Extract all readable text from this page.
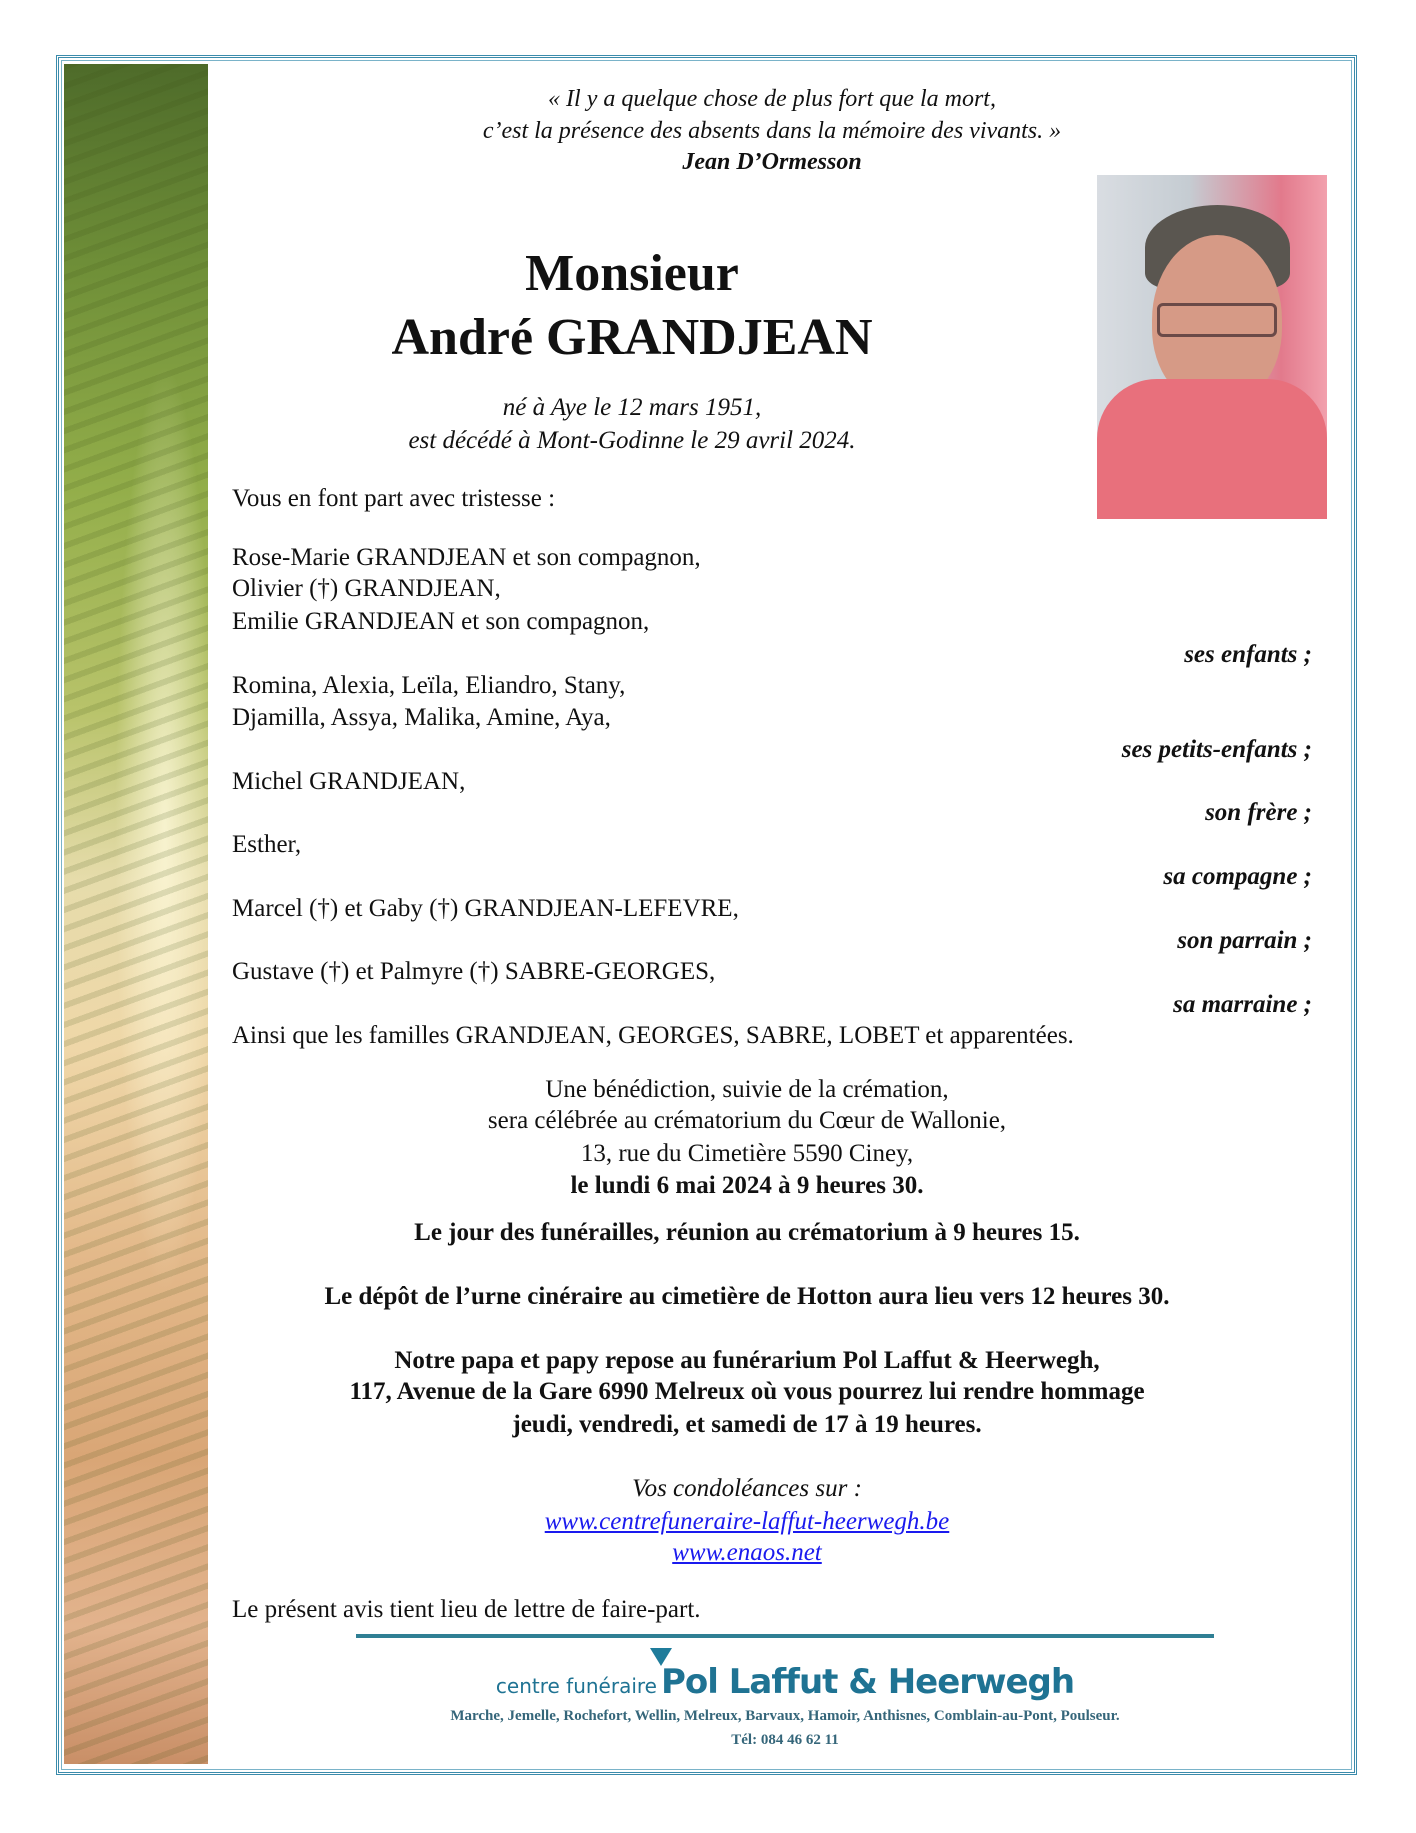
« Il y a quelque chose de plus fort que la mort,
c’est la présence des absents dans la mémoire des vivants. »
Jean D’Ormesson
Monsieur
André GRANDJEAN
né à Aye le 12 mars 1951,
est décédé à Mont-Godinne le 29 avril 2024.
Vous en font part avec tristesse :
Rose-Marie GRANDJEAN et son compagnon,
Olivier (†) GRANDJEAN,
Emilie GRANDJEAN et son compagnon,
ses enfants ;
Romina, Alexia, Leïla, Eliandro, Stany,
Djamilla, Assya, Malika, Amine, Aya,
ses petits-enfants ;
Michel GRANDJEAN,
son frère ;
Esther,
sa compagne ;
Marcel (†) et Gaby (†) GRANDJEAN-LEFEVRE,
son parrain ;
Gustave (†) et Palmyre (†) SABRE-GEORGES,
sa marraine ;
Ainsi que les familles GRANDJEAN, GEORGES, SABRE, LOBET et apparentées.
Une bénédiction, suivie de la crémation,
sera célébrée au crématorium du Cœur de Wallonie,
13, rue du Cimetière 5590 Ciney,
le lundi 6 mai 2024 à 9 heures 30.
Le jour des funérailles, réunion au crématorium à 9 heures 15.
Le dépôt de l’urne cinéraire au cimetière de Hotton aura lieu vers 12 heures 30.
Notre papa et papy repose au funérarium Pol Laffut & Heerwegh,
117, Avenue de la Gare 6990 Melreux où vous pourrez lui rendre hommage
jeudi, vendredi, et samedi de 17 à 19 heures.
Vos condoléances sur :
www.centrefuneraire-laffut-heerwegh.be
www.enaos.net
Le présent avis tient lieu de lettre de faire-part.
centre funéraire Pol Laffut & Heerwegh
Marche, Jemelle, Rochefort, Wellin, Melreux, Barvaux, Hamoir, Anthisnes, Comblain-au-Pont, Poulseur.
Tél: 084 46 62 11
